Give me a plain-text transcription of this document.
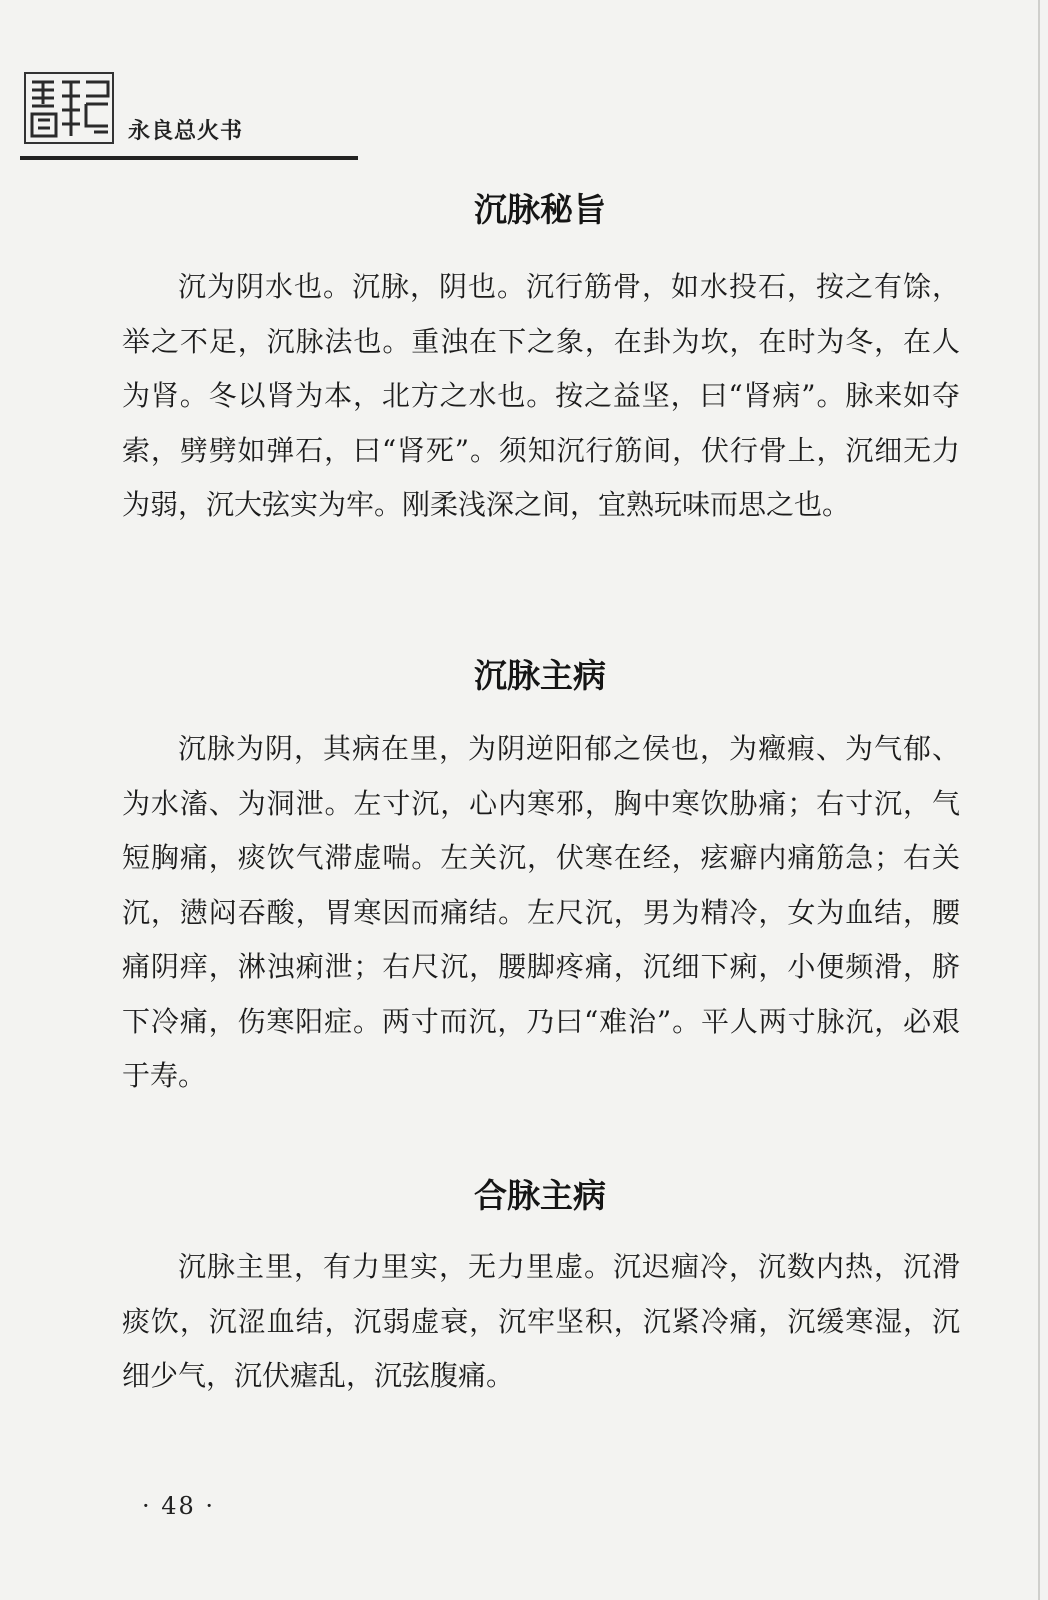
永良总火书
沉脉秘旨

沉为阴水也。沉脉，阴也。沉行筋骨，如水投石，按之有馀，举之不足，沉脉法也。重浊在下之象，在卦为坎，在时为冬，在人为肾。冬以肾为本，北方之水也。按之益坚，曰“肾病”。脉来如夺索，劈劈如弹石，曰“肾死”。须知沉行筋间，伏行骨上，沉细无力为弱，沉大弦实为牢。刚柔浅深之间，宜熟玩味而思之也。

沉脉主病

沉脉为阴，其病在里，为阴逆阳郁之侯也，为癥瘕、为气郁、为水滀、为洞泄。左寸沉，心内寒邪，胸中寒饮胁痛；右寸沉，气短胸痛，痰饮气滞虚喘。左关沉，伏寒在经，痃癖内痛筋急；右关沉，懑闷吞酸，胃寒因而痛结。左尺沉，男为精冷，女为血结，腰痛阴痒，淋浊痢泄；右尺沉，腰脚疼痛，沉细下痢，小便频滑，脐下冷痛，伤寒阳症。两寸而沉，乃曰“难治”。平人两寸脉沉，必艰于寿。

合脉主病

沉脉主里，有力里实，无力里虚。沉迟痼冷，沉数内热，沉滑痰饮，沉涩血结，沉弱虚衰，沉牢坚积，沉紧冷痛，沉缓寒湿，沉细少气，沉伏瘧乱，沉弦腹痛。

· 48 ·
